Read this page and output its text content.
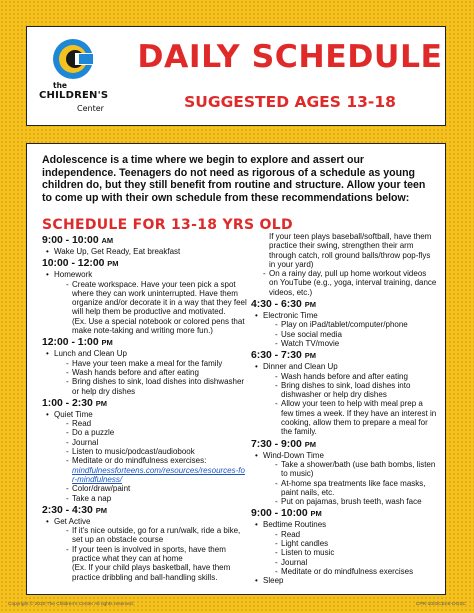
the
CHILDREN'S
Center
DAILY SCHEDULE
SUGGESTED AGES 13-18

Adolescence is a time where we begin to explore and assert our independence. Teenagers do not need as rigorous of a schedule as young children do, but they still benefit from routine and structure. Allow your teen to come up with their own schedule from these recommendations below:

SCHEDULE FOR 13-18 YRS OLD
9:00 - 10:00 AM
• Wake Up, Get Ready, Eat breakfast
10:00 - 12:00 PM
• Homework
- Create workspace. Have your teen pick a spot where they can work uninterrupted. Have them organize and/or decorate it in a way that they feel will help them be productive and motivated.
(Ex. Use a special notebook or colored pens that make note-taking and writing more fun.)
12:00 - 1:00 PM
• Lunch and Clean Up
- Have your teen make a meal for the family
- Wash hands before and after eating
- Bring dishes to sink, load dishes into dishwasher or help dry dishes
1:00 - 2:30 PM
• Quiet Time
- Read
- Do a puzzle
- Journal
- Listen to music/podcast/audiobook
- Meditate or do mindfulness exercises:
mindfulnessforteens.com/resources/resources-for-mindfulness/
- Color/draw/paint
- Take a nap
2:30 - 4:30 PM
• Get Active
- If it's nice outside, go for a run/walk, ride a bike, set up an obstacle course
- If your teen is involved in sports, have them practice what they can at home
(Ex. If your child plays basketball, have them practice dribbling and ball-handling skills.
If your teen plays baseball/softball, have them practice their swing, strengthen their arm through catch, roll ground balls/throw pop-flys in your yard)
- On a rainy day, pull up home workout videos on YouTube (e.g., yoga, interval training, dance videos, etc.)
4:30 - 6:30 PM
• Electronic Time
- Play on iPad/tablet/computer/phone
- Use social media
- Watch TV/movie
6:30 - 7:30 PM
• Dinner and Clean Up
- Wash hands before and after eating
- Bring dishes to sink, load dishes into dishwasher or help dry dishes
- Allow your teen to help with meal prep a few times a week. If they have an interest in cooking, allow them to prepare a meal for the family.
7:30 - 9:00 PM
• Wind-Down Time
- Take a shower/bath (use bath bombs, listen to music)
- At-home spa treatments like face masks, paint nails, etc.
- Put on pajamas, brush teeth, wash face
9:00 - 10:00 PM
• Bedtime Routines
- Read
- Light candles
- Listen to music
- Journal
- Meditate or do mindfulness exercises
• Sleep
Copyright © 2020 The Children's Center All rights reserved.	CPR-10/4/CEntr-DGSC
